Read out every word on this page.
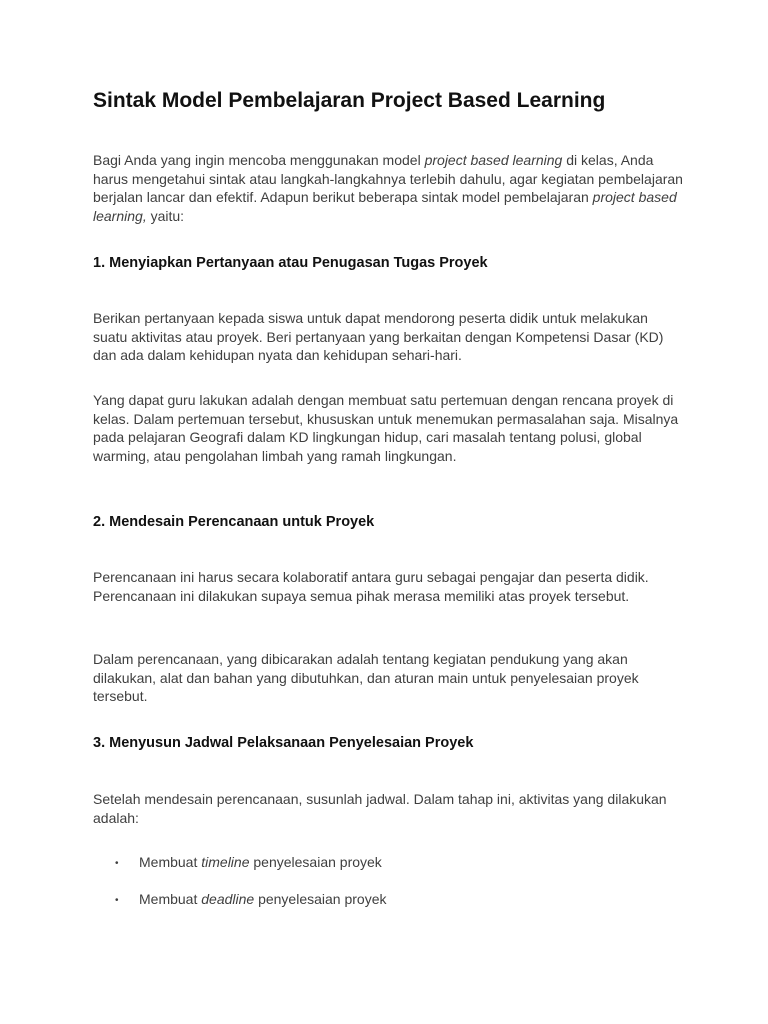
Sintak Model Pembelajaran Project Based Learning

Bagi Anda yang ingin mencoba menggunakan model project based learning di kelas, Anda harus mengetahui sintak atau langkah-langkahnya terlebih dahulu, agar kegiatan pembelajaran berjalan lancar dan efektif. Adapun berikut beberapa sintak model pembelajaran project based learning, yaitu:

1. Menyiapkan Pertanyaan atau Penugasan Tugas Proyek

Berikan pertanyaan kepada siswa untuk dapat mendorong peserta didik untuk melakukan suatu aktivitas atau proyek. Beri pertanyaan yang berkaitan dengan Kompetensi Dasar (KD) dan ada dalam kehidupan nyata dan kehidupan sehari-hari.

Yang dapat guru lakukan adalah dengan membuat satu pertemuan dengan rencana proyek di kelas. Dalam pertemuan tersebut, khususkan untuk menemukan permasalahan saja. Misalnya pada pelajaran Geografi dalam KD lingkungan hidup, cari masalah tentang polusi, global warming, atau pengolahan limbah yang ramah lingkungan.

2. Mendesain Perencanaan untuk Proyek

Perencanaan ini harus secara kolaboratif antara guru sebagai pengajar dan peserta didik. Perencanaan ini dilakukan supaya semua pihak merasa memiliki atas proyek tersebut.

Dalam perencanaan, yang dibicarakan adalah tentang kegiatan pendukung yang akan dilakukan, alat dan bahan yang dibutuhkan, dan aturan main untuk penyelesaian proyek tersebut.

3. Menyusun Jadwal Pelaksanaan Penyelesaian Proyek

Setelah mendesain perencanaan, susunlah jadwal. Dalam tahap ini, aktivitas yang dilakukan adalah:

• Membuat timeline penyelesaian proyek

• Membuat deadline penyelesaian proyek
